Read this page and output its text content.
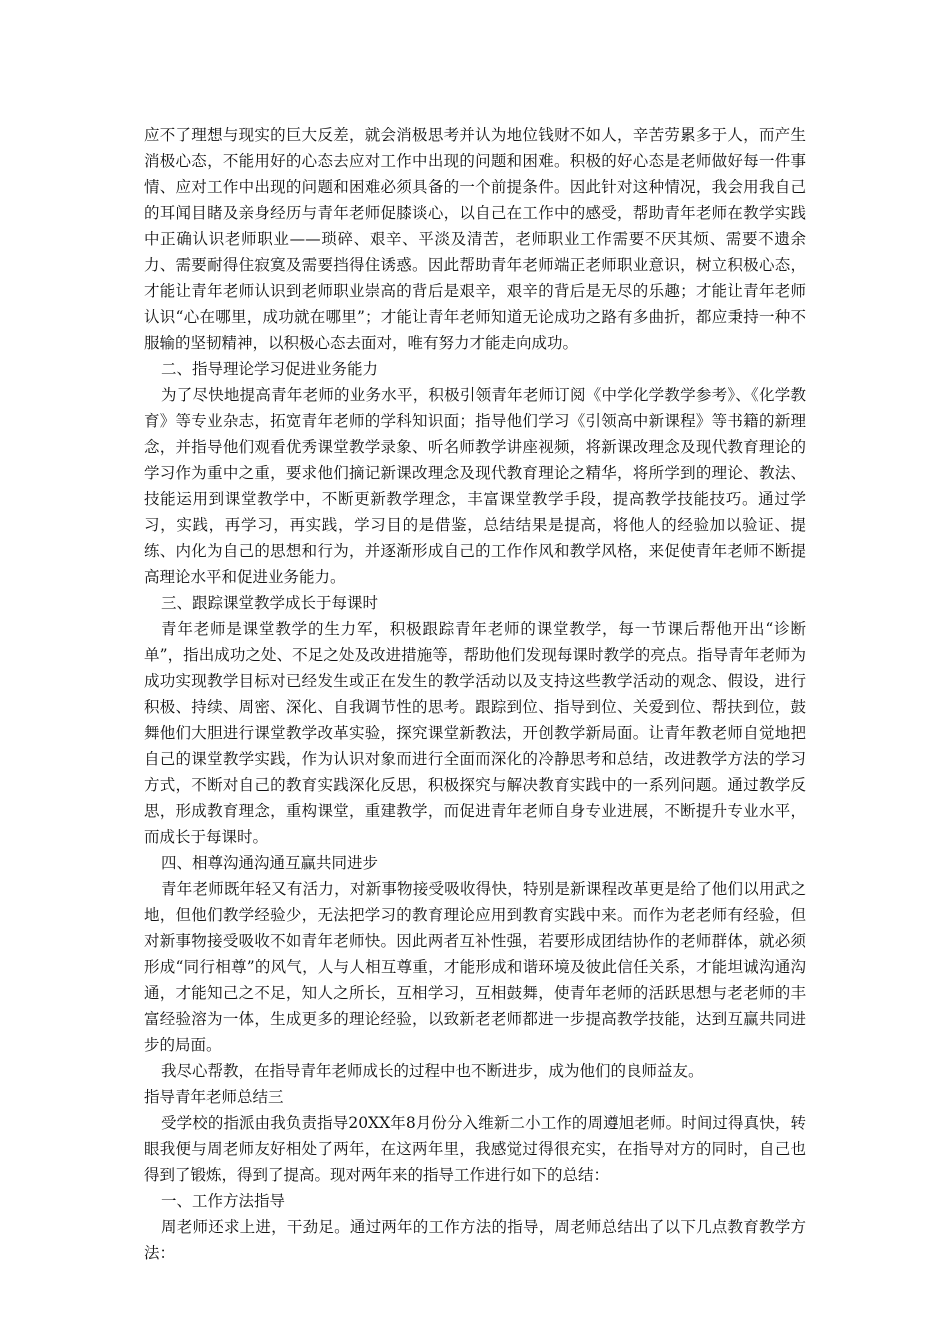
应不了理想与现实的巨大反差，就会消极思考并认为地位钱财不如人，辛苦劳累多于人，而产生消极心态，不能用好的心态去应对工作中出现的问题和困难。积极的好心态是老师做好每一件事情、应对工作中出现的问题和困难必须具备的一个前提条件。因此针对这种情况，我会用我自己的耳闻目睹及亲身经历与青年老师促膝谈心，以自己在工作中的感受，帮助青年老师在教学实践中正确认识老师职业——琐碎、艰辛、平淡及清苦，老师职业工作需要不厌其烦、需要不遗余力、需要耐得住寂寞及需要挡得住诱惑。因此帮助青年老师端正老师职业意识，树立积极心态，才能让青年老师认识到老师职业崇高的背后是艰辛，艰辛的背后是无尽的乐趣；才能让青年老师认识“心在哪里，成功就在哪里”；才能让青年老师知道无论成功之路有多曲折，都应秉持一种不服输的坚韧精神，以积极心态去面对，唯有努力才能走向成功。

二、指导理论学习促进业务能力

为了尽快地提高青年老师的业务水平，积极引领青年老师订阅《中学化学教学参考》、《化学教育》等专业杂志，拓宽青年老师的学科知识面；指导他们学习《引领高中新课程》等书籍的新理念，并指导他们观看优秀课堂教学录象、听名师教学讲座视频，将新课改理念及现代教育理论的学习作为重中之重，要求他们摘记新课改理念及现代教育理论之精华，将所学到的理论、教法、技能运用到课堂教学中，不断更新教学理念，丰富课堂教学手段，提高教学技能技巧。通过学习，实践，再学习，再实践，学习目的是借鉴，总结结果是提高，将他人的经验加以验证、提练、内化为自己的思想和行为，并逐渐形成自己的工作作风和教学风格，来促使青年老师不断提高理论水平和促进业务能力。

三、跟踪课堂教学成长于每课时

青年老师是课堂教学的生力军，积极跟踪青年老师的课堂教学，每一节课后帮他开出“诊断单”，指出成功之处、不足之处及改进措施等，帮助他们发现每课时教学的亮点。指导青年老师为成功实现教学目标对已经发生或正在发生的教学活动以及支持这些教学活动的观念、假设，进行积极、持续、周密、深化、自我调节性的思考。跟踪到位、指导到位、关爱到位、帮扶到位，鼓舞他们大胆进行课堂教学改革实验，探究课堂新教法，开创教学新局面。让青年教老师自觉地把自己的课堂教学实践，作为认识对象而进行全面而深化的冷静思考和总结，改进教学方法的学习方式，不断对自己的教育实践深化反思，积极探究与解决教育实践中的一系列问题。通过教学反思，形成教育理念，重构课堂，重建教学，而促进青年老师自身专业进展，不断提升专业水平，而成长于每课时。

四、相尊沟通沟通互赢共同进步

青年老师既年轻又有活力，对新事物接受吸收得快，特别是新课程改革更是给了他们以用武之地，但他们教学经验少，无法把学习的教育理论应用到教育实践中来。而作为老老师有经验，但对新事物接受吸收不如青年老师快。因此两者互补性强，若要形成团结协作的老师群体，就必须形成“同行相尊”的风气，人与人相互尊重，才能形成和谐环境及彼此信任关系，才能坦诚沟通沟通，才能知己之不足，知人之所长，互相学习，互相鼓舞，使青年老师的活跃思想与老老师的丰富经验溶为一体，生成更多的理论经验，以致新老老师都进一步提高教学技能，达到互赢共同进步的局面。

我尽心帮教，在指导青年老师成长的过程中也不断进步，成为他们的良师益友。

指导青年老师总结三

受学校的指派由我负责指导20XX年8月份分入维新二小工作的周遵旭老师。时间过得真快，转眼我便与周老师友好相处了两年，在这两年里，我感觉过得很充实，在指导对方的同时，自己也得到了锻炼，得到了提高。现对两年来的指导工作进行如下的总结：

一、工作方法指导

周老师还求上进，干劲足。通过两年的工作方法的指导，周老师总结出了以下几点教育教学方法：
